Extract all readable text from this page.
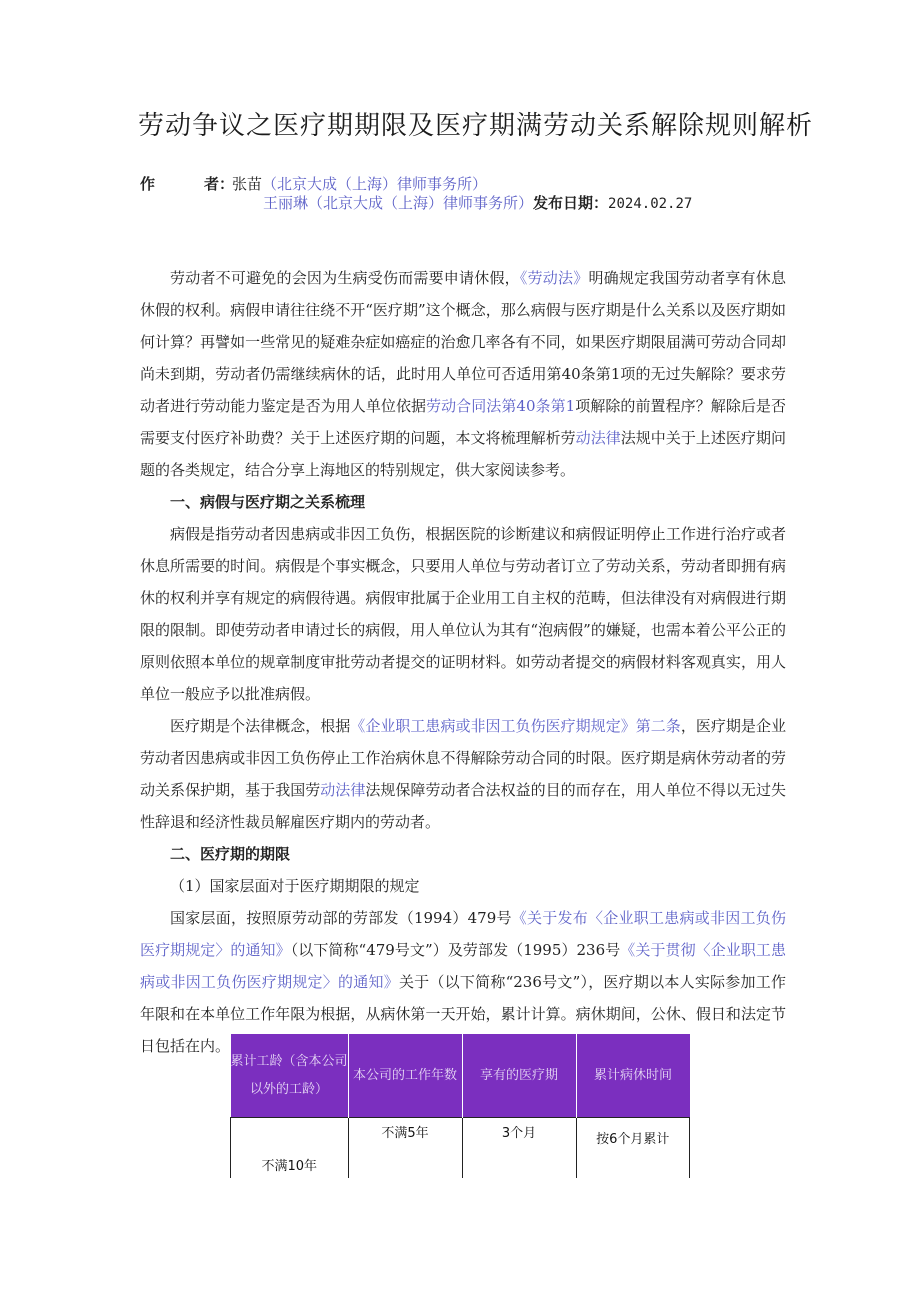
劳动争议之医疗期期限及医疗期满劳动关系解除规则解析
作	者：
张苗（北京大成（上海）律师事务所）
王丽琳（北京大成（上海）律师事务所）发布日期：2024.02.27

劳动者不可避免的会因为生病受伤而需要申请休假，《劳动法》明确规定我国劳动者享有休息休假的权利。病假申请往往绕不开“医疗期”这个概念，那么病假与医疗期是什么关系以及医疗期如何计算？再譬如一些常见的疑难杂症如癌症的治愈几率各有不同，如果医疗期限届满可劳动合同却尚未到期，劳动者仍需继续病休的话，此时用人单位可否适用第40条第1项的无过失解除？要求劳动者进行劳动能力鉴定是否为用人单位依据劳动合同法第40条第1项解除的前置程序？解除后是否需要支付医疗补助费？关于上述医疗期的问题，本文将梳理解析劳动法律法规中关于上述医疗期问题的各类规定，结合分享上海地区的特别规定，供大家阅读参考。

一、病假与医疗期之关系梳理

病假是指劳动者因患病或非因工负伤，根据医院的诊断建议和病假证明停止工作进行治疗或者休息所需要的时间。病假是个事实概念，只要用人单位与劳动者订立了劳动关系，劳动者即拥有病休的权利并享有规定的病假待遇。病假审批属于企业用工自主权的范畴，但法律没有对病假进行期限的限制。即使劳动者申请过长的病假，用人单位认为其有“泡病假”的嫌疑，也需本着公平公正的原则依照本单位的规章制度审批劳动者提交的证明材料。如劳动者提交的病假材料客观真实，用人单位一般应予以批准病假。

医疗期是个法律概念，根据《企业职工患病或非因工负伤医疗期规定》第二条，医疗期是企业劳动者因患病或非因工负伤停止工作治病休息不得解除劳动合同的时限。医疗期是病休劳动者的劳动关系保护期，基于我国劳动法律法规保障劳动者合法权益的目的而存在，用人单位不得以无过失性辞退和经济性裁员解雇医疗期内的劳动者。

二、医疗期的期限

（1）国家层面对于医疗期期限的规定

国家层面，按照原劳动部的劳部发（1994）479号《关于发布〈企业职工患病或非因工负伤医疗期规定〉的通知》（以下简称“479号文”）及劳部发（1995）236号《关于贯彻〈企业职工患病或非因工负伤医疗期规定〉的通知》关于（以下简称“236号文”），医疗期以本人实际参加工作年限和在本单位工作年限为根据，从病休第一天开始，累计计算。病休期间，公休、假日和法定节日包括在内。

累计工龄（含本公司以外的工龄）	本公司的工作年数	享有的医疗期	累计病休时间
不满10年	不满5年	3个月	按6个月累计
